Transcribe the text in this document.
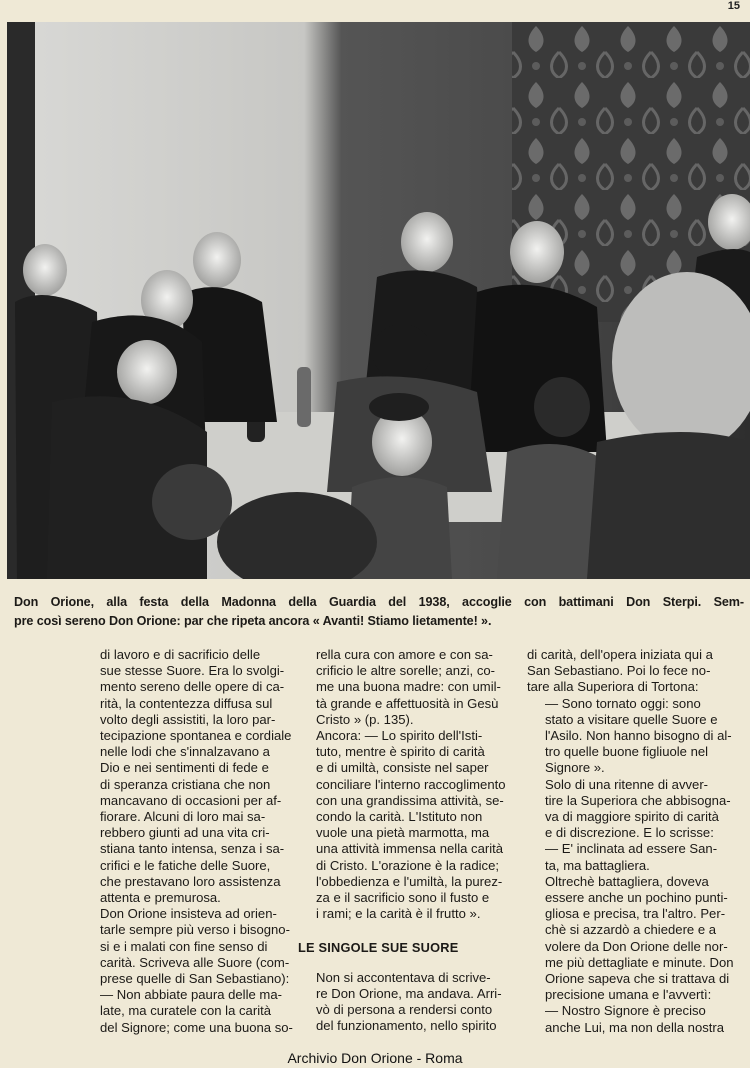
15
Don Orione, alla festa della Madonna della Guardia del 1938, accoglie con battimani Don Sterpi. Sem-
pre così sereno Don Orione: par che ripeta ancora « Avanti! Stiamo lietamente! ».

di lavoro e di sacrificio delle
sue stesse Suore. Era lo svolgi-
mento sereno delle opere di ca-
rità, la contentezza diffusa sul
volto degli assistiti, la loro par-
tecipazione spontanea e cordiale
nelle lodi che s'innalzavano a
Dio e nei sentimenti di fede e
di speranza cristiana che non
mancavano di occasioni per af-
fiorare. Alcuni di loro mai sa-
rebbero giunti ad una vita cri-
stiana tanto intensa, senza i sa-
crifici e le fatiche delle Suore,
che prestavano loro assistenza
attenta e premurosa.

Don Orione insisteva ad orien-
tarle sempre più verso i bisogno-
si e i malati con fine senso di
carità. Scriveva alle Suore (com-
prese quelle di San Sebastiano):
— Non abbiate paura delle ma-
late, ma curatele con la carità
del Signore; come una buona so-

rella cura con amore e con sa-
crificio le altre sorelle; anzi, co-
me una buona madre: con umil-
tà grande e affettuosità in Gesù
Cristo » (p. 135).

Ancora: — Lo spirito dell'Isti-
tuto, mentre è spirito di carità
e di umiltà, consiste nel saper
conciliare l'interno raccoglimento
con una grandissima attività, se-
condo la carità. L'Istituto non
vuole una pietà marmotta, ma
una attività immensa nella carità
di Cristo. L'orazione è la radice;
l'obbedienza e l'umiltà, la purez-
za e il sacrificio sono il fusto e
i rami; e la carità è il frutto ».

LE SINGOLE SUE SUORE

Non si accontentava di scrive-
re Don Orione, ma andava. Arri-
vò di persona a rendersi conto
del funzionamento, nello spirito

di carità, dell'opera iniziata qui a
San Sebastiano. Poi lo fece no-
tare alla Superiora di Tortona:

— Sono tornato oggi: sono
stato a visitare quelle Suore e
l'Asilo. Non hanno bisogno di al-
tro quelle buone figliuole nel
Signore ».

Solo di una ritenne di avver-
tire la Superiora che abbisogna-
va di maggiore spirito di carità
e di discrezione. E lo scrisse:

— E' inclinata ad essere San-
ta, ma battagliera.

Oltrechè battagliera, doveva
essere anche un pochino punti-
gliosa e precisa, tra l'altro. Per-
chè si azzardò a chiedere e a
volere da Don Orione delle nor-
me più dettagliate e minute. Don
Orione sapeva che si trattava di
precisione umana e l'avvertì:

— Nostro Signore è preciso
anche Lui, ma non della nostra

Archivio Don Orione - Roma
